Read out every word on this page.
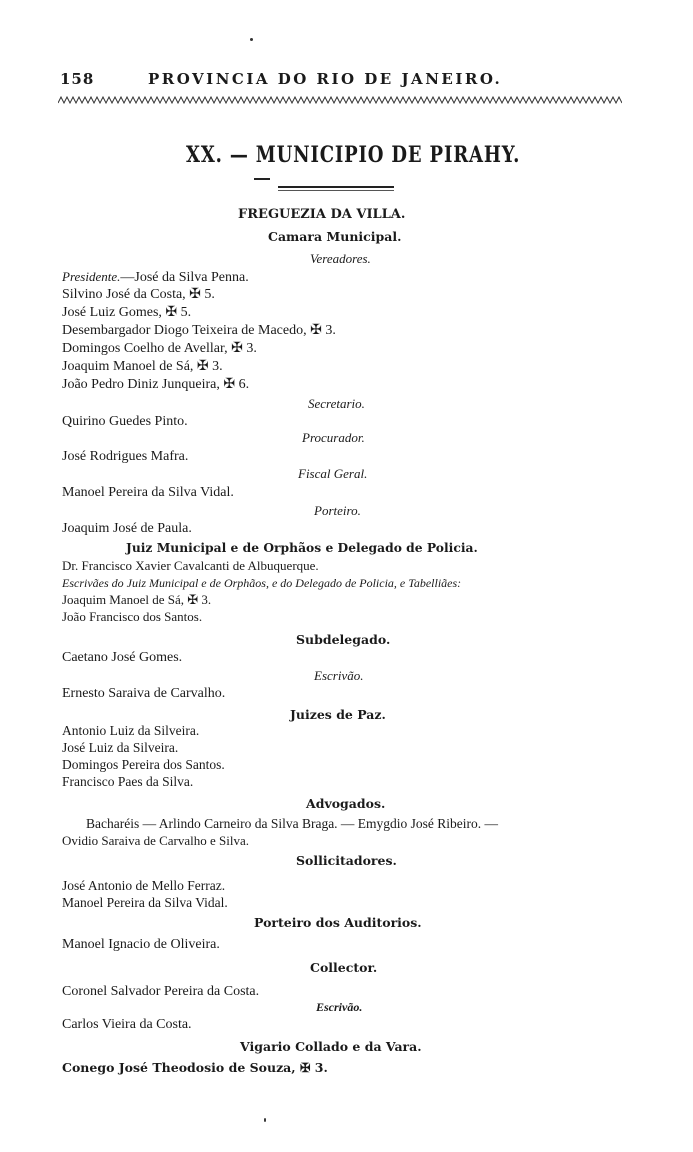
158	PROVINCIA DO RIO DE JANEIRO.
XX. — MUNICIPIO DE PIRAHY.
FREGUEZIA DA VILLA.
Camara Municipal.
Vereadores.
Presidente.—José da Silva Penna.
Silvino José da Costa, ✠ 5.
José Luiz Gomes, ✠ 5.
Desembargador Diogo Teixeira de Macedo, ✠ 3.
Domingos Coelho de Avellar, ✠ 3.
Joaquim Manoel de Sá, ✠ 3.
João Pedro Diniz Junqueira, ✠ 6.
Secretario.
Quirino Guedes Pinto.
Procurador.
José Rodrigues Mafra.
Fiscal Geral.
Manoel Pereira da Silva Vidal.
Porteiro.
Joaquim José de Paula.
Juiz Municipal e de Orphãos e Delegado de Policia.
Dr. Francisco Xavier Cavalcanti de Albuquerque.
Escrivães do Juiz Municipal e de Orphãos, e do Delegado de Policia, e Tabelliães:
Joaquim Manoel de Sá, ✠ 3.
João Francisco dos Santos.
Subdelegado.
Caetano José Gomes.
Escrivão.
Ernesto Saraiva de Carvalho.
Juizes de Paz.
Antonio Luiz da Silveira.
José Luiz da Silveira.
Domingos Pereira dos Santos.
Francisco Paes da Silva.
Advogados.
Bacharéis — Arlindo Carneiro da Silva Braga. — Emygdio José Ribeiro. —
Ovidio Saraiva de Carvalho e Silva.
Sollicitadores.
José Antonio de Mello Ferraz.
Manoel Pereira da Silva Vidal.
Porteiro dos Auditorios.
Manoel Ignacio de Oliveira.
Collector.
Coronel Salvador Pereira da Costa.
Escrivão.
Carlos Vieira da Costa.
Vigario Collado e da Vara.
Conego José Theodosio de Souza, ✠ 3.
